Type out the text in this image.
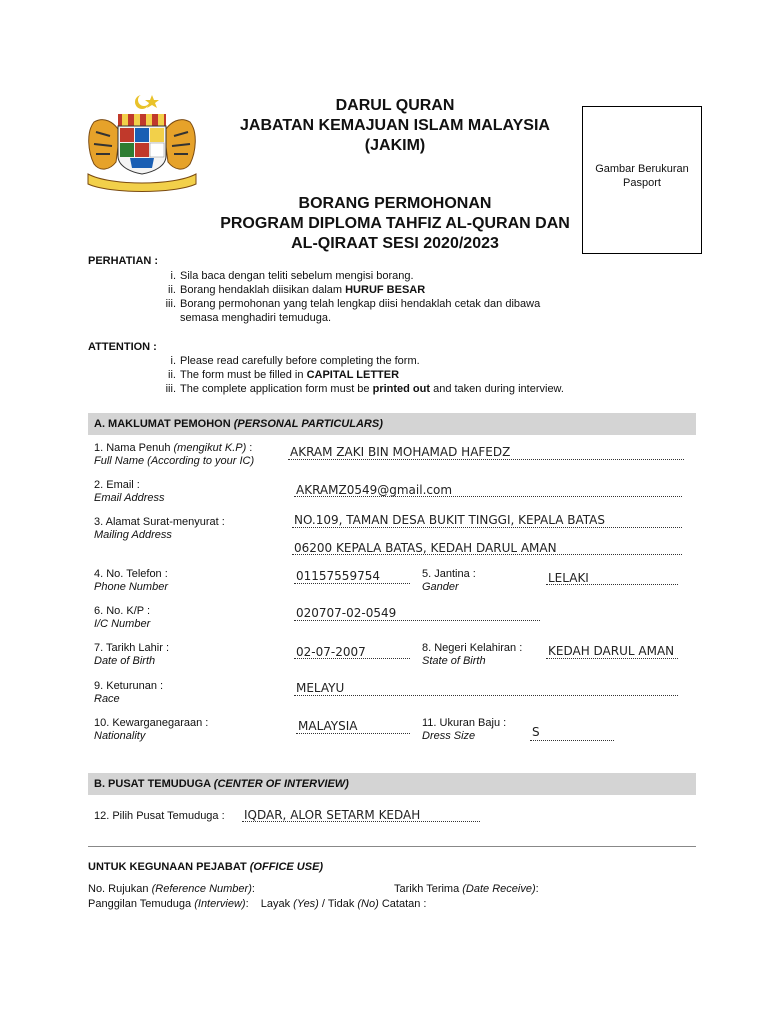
DARUL QURAN
JABATAN KEMAJUAN ISLAM MALAYSIA
(JAKIM)
BORANG PERMOHONAN
PROGRAM DIPLOMA TAHFIZ AL-QURAN DAN
AL-QIRAAT SESI 2020/2023
Gambar Berukuran
Pasport
PERHATIAN :
i. Sila baca dengan teliti sebelum mengisi borang.
ii. Borang hendaklah diisikan dalam HURUF BESAR
iii. Borang permohonan yang telah lengkap diisi hendaklah cetak dan dibawa
semasa menghadiri temuduga.
ATTENTION :
i. Please read carefully before completing the form.
ii. The form must be filled in CAPITAL LETTER
iii. The complete application form must be printed out and taken during interview.
A. MAKLUMAT PEMOHON (PERSONAL PARTICULARS)
1. Nama Penuh (mengikut K.P) :
Full Name (According to your IC)
AKRAM ZAKI BIN MOHAMAD HAFEDZ
2. Email :
Email Address
AKRAMZ0549@gmail.com
3. Alamat Surat-menyurat :
Mailing Address
NO.109, TAMAN DESA BUKIT TINGGI, KEPALA BATAS
06200 KEPALA BATAS, KEDAH DARUL AMAN
4. No. Telefon :
Phone Number
01157559754	5. Jantina :
Gander
LELAKI
6. No. K/P :
I/C Number
020707-02-0549
7. Tarikh Lahir :
Date of Birth
02-07-2007	8. Negeri Kelahiran :
State of Birth
KEDAH DARUL AMAN
9. Keturunan :
Race
MELAYU
10. Kewarganegaraan :
Nationality
MALAYSIA	11. Ukuran Baju :
Dress Size	S
B. PUSAT TEMUDUGA (CENTER OF INTERVIEW)
12. Pilih Pusat Temuduga : IQDAR, ALOR SETARM KEDAH
UNTUK KEGUNAAN PEJABAT (OFFICE USE)
No. Rujukan (Reference Number):	Tarikh Terima (Date Receive):
Panggilan Temuduga (Interview): Layak (Yes) / Tidak (No) Catatan :
